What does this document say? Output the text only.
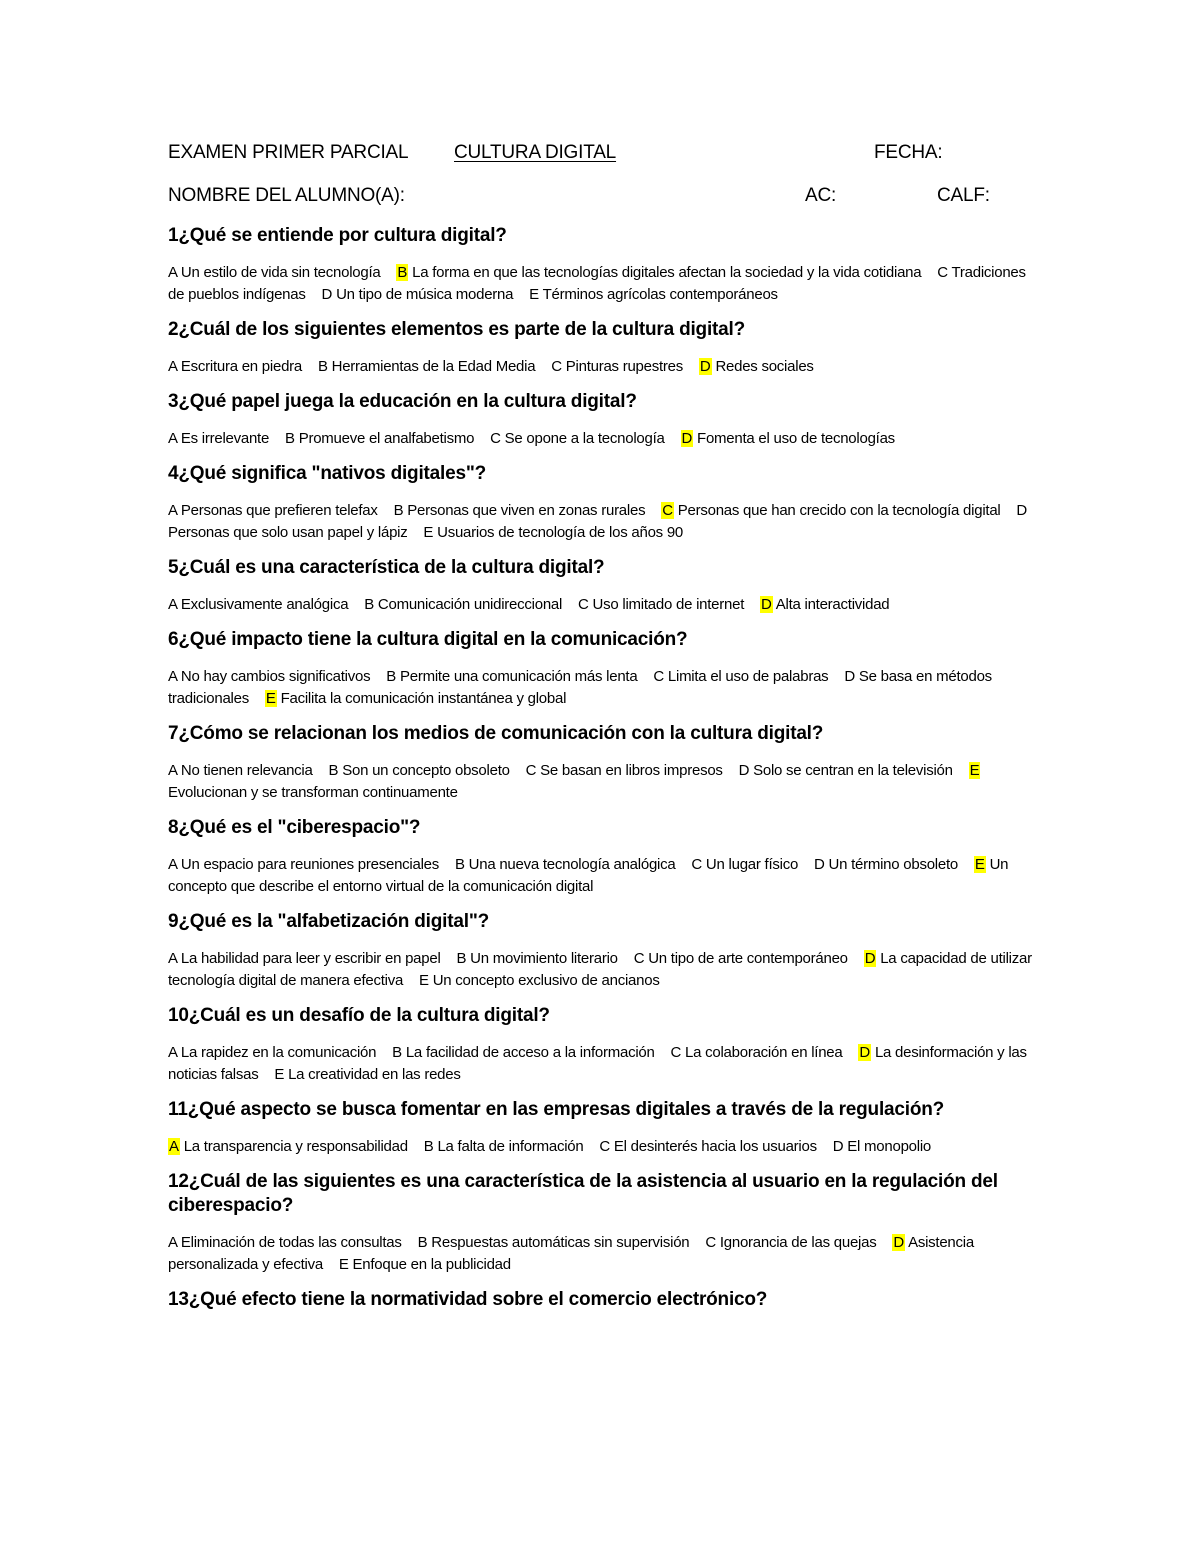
EXAMEN PRIMER PARCIAL CULTURA DIGITAL	FECHA:
NOMBRE DEL ALUMNO(A):	AC:	CALF:
1¿Qué se entiende por cultura digital?
A Un estilo de vida sin tecnología B La forma en que las tecnologías digitales afectan la sociedad y la vida cotidiana C Tradiciones de pueblos indígenas D Un tipo de música moderna E Términos agrícolas contemporáneos
2¿Cuál de los siguientes elementos es parte de la cultura digital?
A Escritura en piedra B Herramientas de la Edad Media C Pinturas rupestres D Redes sociales
3¿Qué papel juega la educación en la cultura digital?
A Es irrelevante B Promueve el analfabetismo C Se opone a la tecnología D Fomenta el uso de tecnologías
4¿Qué significa "nativos digitales"?
A Personas que prefieren telefax B Personas que viven en zonas rurales C Personas que han crecido con la tecnología digital D Personas que solo usan papel y lápiz E Usuarios de tecnología de los años 90
5¿Cuál es una característica de la cultura digital?
A Exclusivamente analógica B Comunicación unidireccional C Uso limitado de internet D Alta interactividad
6¿Qué impacto tiene la cultura digital en la comunicación?
A No hay cambios significativos B Permite una comunicación más lenta C Limita el uso de palabras D Se basa en métodos tradicionales E Facilita la comunicación instantánea y global
7¿Cómo se relacionan los medios de comunicación con la cultura digital?
A No tienen relevancia B Son un concepto obsoleto C Se basan en libros impresos D Solo se centran en la televisión E Evolucionan y se transforman continuamente
8¿Qué es el "ciberespacio"?
A Un espacio para reuniones presenciales B Una nueva tecnología analógica C Un lugar físico D Un término obsoleto E Un concepto que describe el entorno virtual de la comunicación digital
9¿Qué es la "alfabetización digital"?
A La habilidad para leer y escribir en papel B Un movimiento literario C Un tipo de arte contemporáneo D La capacidad de utilizar tecnología digital de manera efectiva E Un concepto exclusivo de ancianos
10¿Cuál es un desafío de la cultura digital?
A La rapidez en la comunicación B La facilidad de acceso a la información C La colaboración en línea D La desinformación y las noticias falsas E La creatividad en las redes
11¿Qué aspecto se busca fomentar en las empresas digitales a través de la regulación?
A La transparencia y responsabilidad B La falta de información C El desinterés hacia los usuarios D El monopolio
12¿Cuál de las siguientes es una característica de la asistencia al usuario en la regulación del ciberespacio?
A Eliminación de todas las consultas B Respuestas automáticas sin supervisión C Ignorancia de las quejas D Asistencia personalizada y efectiva E Enfoque en la publicidad
13¿Qué efecto tiene la normatividad sobre el comercio electrónico?
